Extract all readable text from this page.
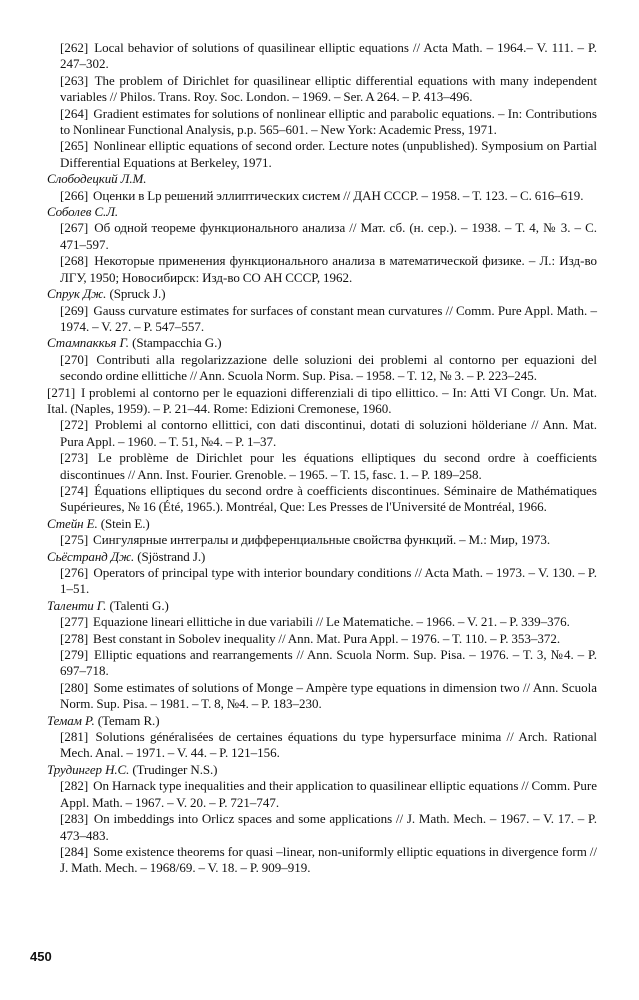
[262] Local behavior of solutions of quasilinear elliptic equations // Acta Math. – 1964.– V. 111. – P. 247–302.
[263] The problem of Dirichlet for quasilinear elliptic differential equations with many independent variables // Philos. Trans. Roy. Soc. London. – 1969. – Ser. A 264. – P. 413–496.
[264] Gradient estimates for solutions of nonlinear elliptic and parabolic equations. – In: Contributions to Nonlinear Functional Analysis, p.p. 565–601. – New York: Academic Press, 1971.
[265] Nonlinear elliptic equations of second order. Lecture notes (unpublished). Symposium on Partial Differential Equations at Berkeley, 1971.
Слободецкий Л.М.
[266] Оценки в Lp решений эллиптических систем // ДАН СССР. – 1958. – Т. 123. – С. 616–619.
Соболев С.Л.
[267] Об одной теореме функционального анализа // Мат. сб. (н. сер.). – 1938. – Т. 4, № 3. – С. 471–597.
[268] Некоторые применения функционального анализа в математической физике. – Л.: Изд-во ЛГУ, 1950; Новосибирск: Изд-во СО АН СССР, 1962.
Спрук Дж. (Spruck J.)
[269] Gauss curvature estimates for surfaces of constant mean curvatures // Comm. Pure Appl. Math. – 1974. – V. 27. – P. 547–557.
Стампаккья Г. (Stampacchia G.)
[270] Contributi alla regolarizzazione delle soluzioni dei problemi al contorno per equazioni del secondo ordine ellittiche // Ann. Scuola Norm. Sup. Pisa. – 1958. – T. 12, № 3. – P. 223–245.
[271] I problemi al contorno per le equazioni differenziali di tipo ellittico. – In: Atti VI Congr. Un. Mat. Ital. (Naples, 1959). – P. 21–44. Rome: Edizioni Cremonese, 1960.
[272] Problemi al contorno ellittici, con dati discontinui, dotati di soluzioni hölderiane // Ann. Mat. Pura Appl. – 1960. – T. 51, №4. – P. 1–37.
[273] Le problème de Dirichlet pour les équations elliptiques du second ordre à coefficients discontinues // Ann. Inst. Fourier. Grenoble. – 1965. – T. 15, fasc. 1. – P. 189–258.
[274] Équations elliptiques du second ordre à coefficients discontinues. Séminaire de Mathématiques Supérieures, № 16 (Été, 1965.). Montréal, Que: Les Presses de l'Université de Montréal, 1966.
Стейн Е. (Stein E.)
[275] Сингулярные интегралы и дифференциальные свойства функций. – М.: Мир, 1973.
Сьёстранд Дж. (Sjöstrand J.)
[276] Operators of principal type with interior boundary conditions // Acta Math. – 1973. – V. 130. – P. 1–51.
Таленти Г. (Talenti G.)
[277] Equazione lineari ellittiche in due variabili // Le Matematiche. – 1966. – V. 21. – P. 339–376.
[278] Best constant in Sobolev inequality // Ann. Mat. Pura Appl. – 1976. – T. 110. – P. 353–372.
[279] Elliptic equations and rearrangements // Ann. Scuola Norm. Sup. Pisa. – 1976. – T. 3, №4. – P. 697–718.
[280] Some estimates of solutions of Monge – Ampère type equations in dimension two // Ann. Scuola Norm. Sup. Pisa. – 1981. – T. 8, №4. – P. 183–230.
Темам Р. (Temam R.)
[281] Solutions généralisées de certaines équations du type hypersurface minima // Arch. Rational Mech. Anal. – 1971. – V. 44. – P. 121–156.
Трудингер Н.С. (Trudinger N.S.)
[282] On Harnack type inequalities and their application to quasilinear elliptic equations // Comm. Pure Appl. Math. – 1967. – V. 20. – P. 721–747.
[283] On imbeddings into Orlicz spaces and some applications // J. Math. Mech. – 1967. – V. 17. – P. 473–483.
[284] Some existence theorems for quasi –linear, non-uniformly elliptic equations in divergence form // J. Math. Mech. – 1968/69. – V. 18. – P. 909–919.
450
